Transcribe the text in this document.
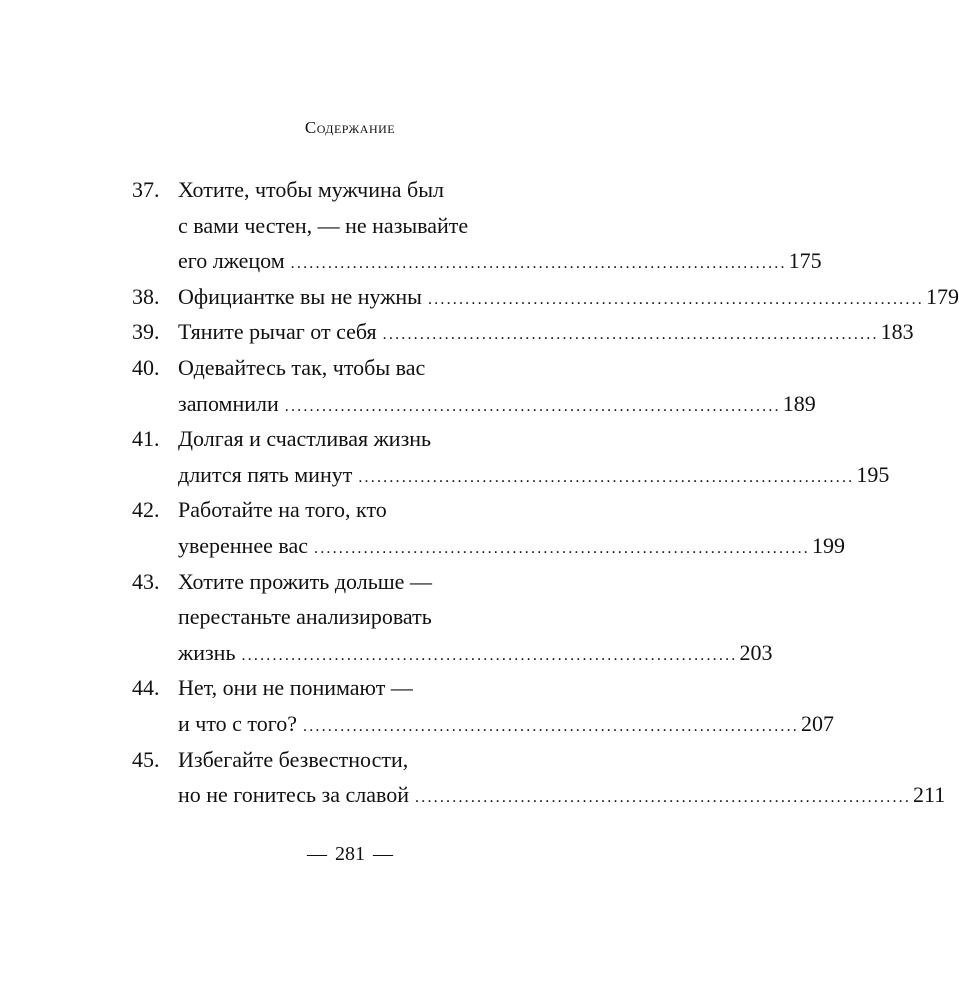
Содержание
37. Хотите, чтобы мужчина был
с вами честен, — не называйте
его лжецом ................................................................................ 175
38. Официантке вы не нужны ................................................................................ 179
39. Тяните рычаг от себя ................................................................................ 183
40. Одевайтесь так, чтобы вас
запомнили ................................................................................ 189
41. Долгая и счастливая жизнь
длится пять минут ................................................................................ 195
42. Работайте на того, кто
увереннее вас ................................................................................ 199
43. Хотите прожить дольше —
перестаньте анализировать
жизнь ................................................................................ 203
44. Нет, они не понимают —
и что с того? ................................................................................ 207
45. Избегайте безвестности,
но не гонитесь за славой ................................................................................ 211
— 281 —
